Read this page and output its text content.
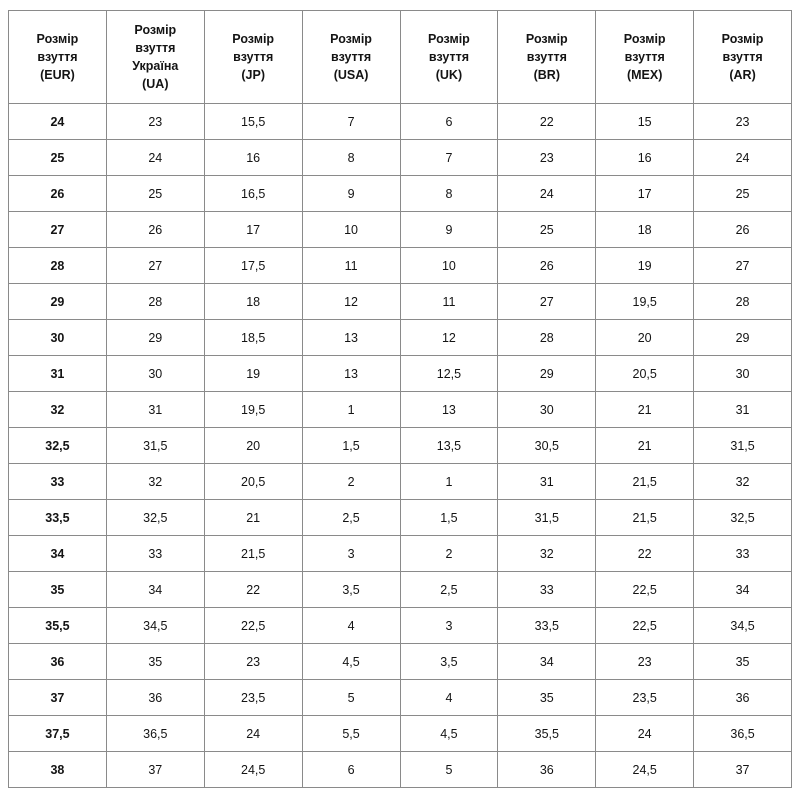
Розмір
взуття
(EUR)	Розмір
взуття
Україна
(UA)	Розмір
взуття
(JP)	Розмір
взуття
(USA)	Розмір
взуття
(UK)	Розмір
взуття
(BR)	Розмір
взуття
(MEX)	Розмір
взуття
(AR)

24	23	15,5	7	6	22	15	23
25	24	16	8	7	23	16	24
26	25	16,5	9	8	24	17	25
27	26	17	10	9	25	18	26
28	27	17,5	11	10	26	19	27
29	28	18	12	11	27	19,5	28
30	29	18,5	13	12	28	20	29
31	30	19	13	12,5	29	20,5	30
32	31	19,5	1	13	30	21	31
32,5	31,5	20	1,5	13,5	30,5	21	31,5
33	32	20,5	2	1	31	21,5	32
33,5	32,5	21	2,5	1,5	31,5	21,5	32,5
34	33	21,5	3	2	32	22	33
35	34	22	3,5	2,5	33	22,5	34
35,5	34,5	22,5	4	3	33,5	22,5	34,5
36	35	23	4,5	3,5	34	23	35
37	36	23,5	5	4	35	23,5	36
37,5	36,5	24	5,5	4,5	35,5	24	36,5
38	37	24,5	6	5	36	24,5	37
